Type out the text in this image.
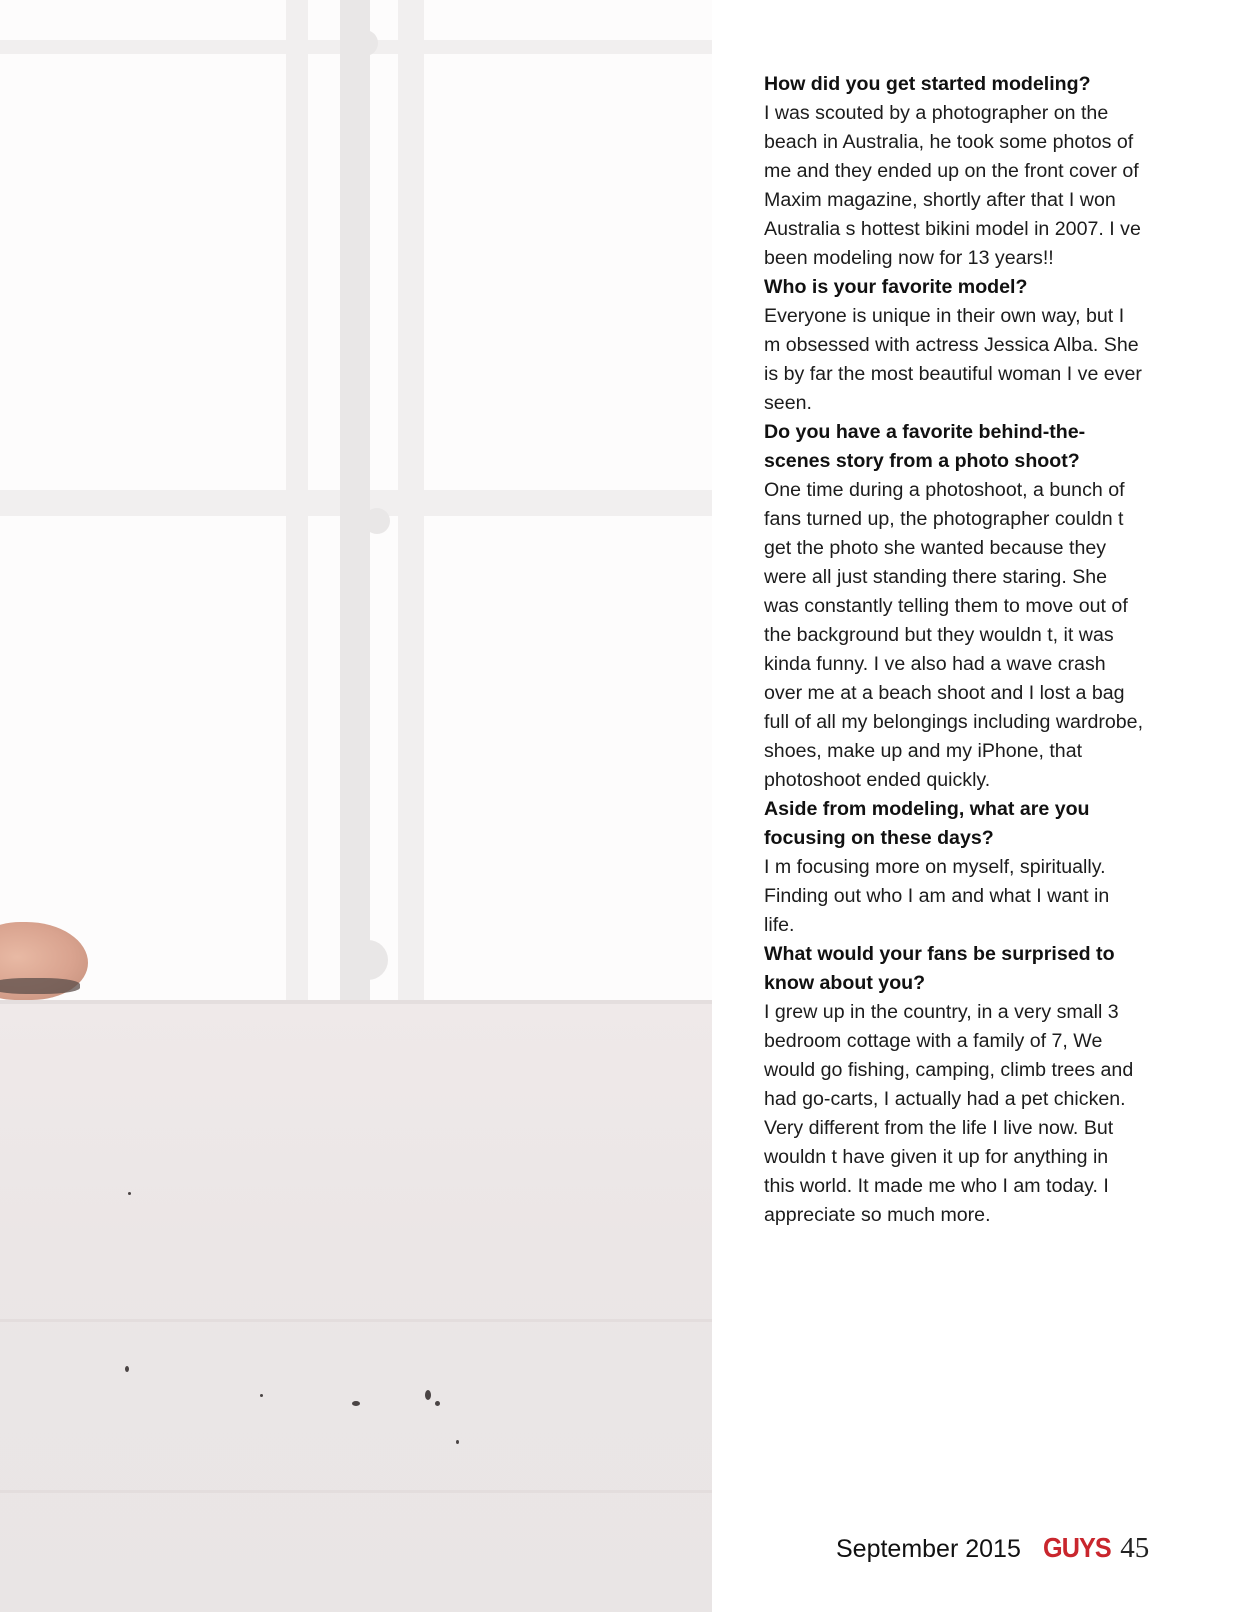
How did you get started modeling?

I was scouted by a photographer on the beach in Australia, he took some photos of me and they ended up on the front cover of Maxim magazine, shortly after that I won Australia s hottest bikini model in 2007. I ve been modeling now for 13 years!!

Who is your favorite model?

Everyone is unique in their own way, but I m obsessed with actress Jessica Alba. She is by far the most beautiful woman I ve ever seen.

Do you have a favorite behind-the-scenes story from a photo shoot?

One time during a photoshoot, a bunch of fans turned up, the photographer couldn t get the photo she wanted because they were all just standing there staring. She was constantly telling them to move out of the background but they wouldn t, it was kinda funny. I ve also had a wave crash over me at a beach shoot and I lost a bag full of all my belongings including wardrobe, shoes, make up and my iPhone, that photoshoot ended quickly.

Aside from modeling, what are you focusing on these days?

I m focusing more on myself, spiritually. Finding out who I am and what I want in life.

What would your fans be surprised to know about you?

I grew up in the country, in a very small 3 bedroom cottage with a family of 7, We would go fishing, camping, climb trees and had go-carts, I actually had a pet chicken. Very different from the life I live now. But wouldn t have given it up for anything in this world. It made me who I am today. I appreciate so much more.

September 2015 GUYS 45
